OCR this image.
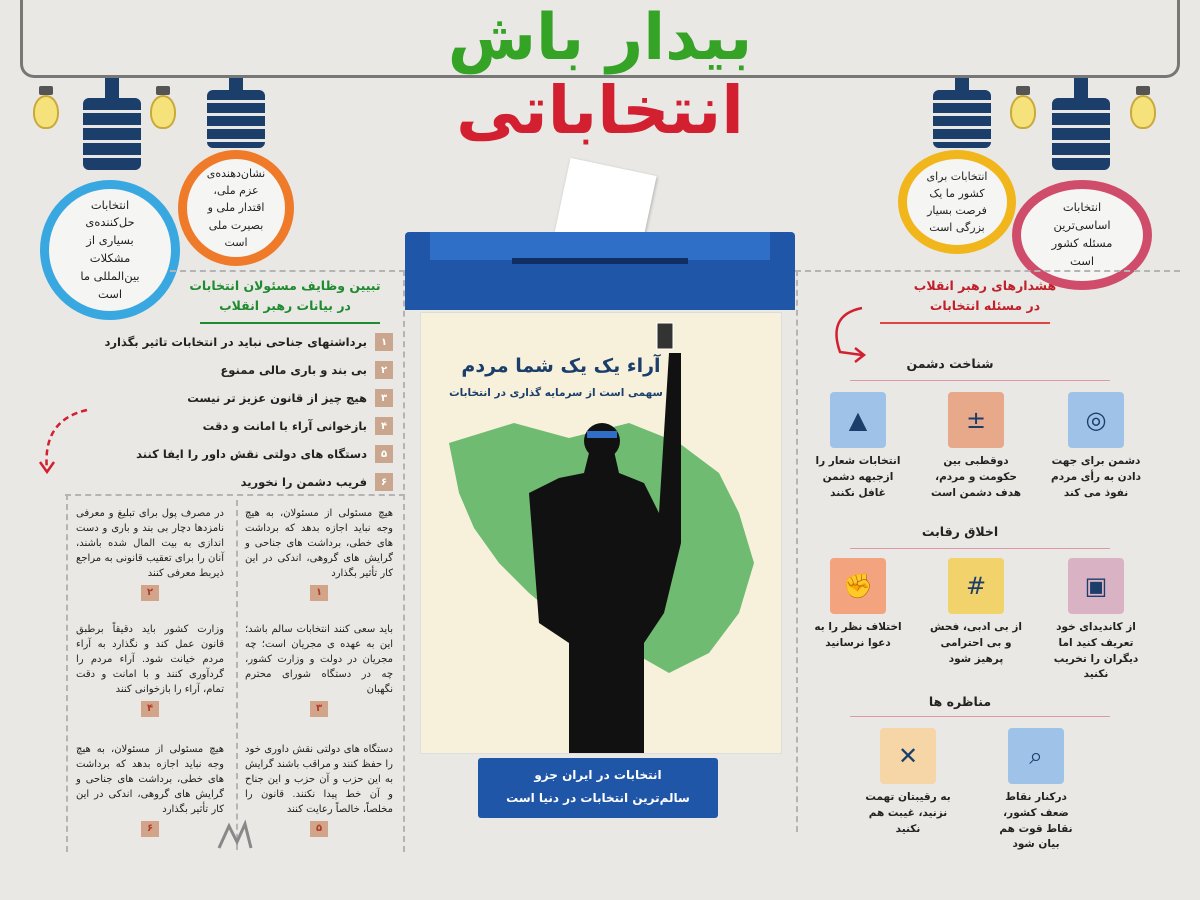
بیدار باش
انتخاباتی
انتخابات حل‌کننده‌ی بسیاری از مشکلات بین‌المللی ما است
نشان‌دهنده‌ی عزم ملی، اقتدار ملی و بصیرت ملی است
انتخابات برای کشور ما یک فرصت بسیار بزرگی است
انتخابات اساسی‌ترین مسئله کشور است
آراء یک یک شما مردم
سهمی است از سرمایه گذاری در انتخابات
انتخابات در ایران جزو
سالم‌ترین انتخابات در دنیا است
تبیین وظایف مسئولان انتخابات
در بیانات رهبر انقلاب
۱
برداشتهای جناحی نباید در انتخابات تاثیر بگذارد
۲
بی بند و باری مالی ممنوع
۳
هیچ چیز از قانون عزیز تر نیست
۴
بازخوانی آراء با امانت و دقت
۵
دستگاه های دولتی نقش داور را ایفا کنند
۶
فریب دشمن را نخورید
هیچ مسئولی از مسئولان، به هیچ وجه نباید اجازه بدهد که برداشت های خطی، برداشت های جناحی و گرایش های گروهی، اندکی در این کار تأثیر بگذارد
۱
در مصرف پول برای تبلیغ و معرفی نامزدها دچار بی بند و باری و دست اندازی به بیت المال شده باشند، آنان را برای تعقیب قانونی به مراجع ذیربط معرفی کنند
۲
باید سعی کنند انتخابات سالم باشد؛ این به عهده ی مجریان است؛ چه مجریان در دولت و وزارت کشور، چه در دستگاه شورای محترم نگهبان
۳
وزارت کشور باید دقیقاً برطبق قانون عمل کند و نگذارد به آراء مردم خیانت شود. آراء مردم را گردآوری کنند و با امانت و دقت تمام، آراء را بازخوانی کنند
۴
دستگاه های دولتی نقش داوری خود را حفظ کنند و مراقب باشند گرایش به این حزب و آن حزب و این جناح و آن خط پیدا نکنند. قانون را مخلصاً، خالصاً رعایت کنند
۵
هیچ مسئولی از مسئولان، به هیچ وجه نباید اجازه بدهد که برداشت های خطی، برداشت های جناحی و گرایش های گروهی، اندکی در این کار تأثیر بگذارد
۶
هشدارهای رهبر انقلاب
در مسئله انتخابات
شناخت دشمن
◎
دشمن برای جهت دادن به رأی مردم نفوذ می کند
±
دوقطبی بین حکومت و مردم، هدف دشمن است
▲
انتخابات شعار را ازجبهه دشمن غافل نکنند
اخلاق رقابت
▣
از کاندیدای خود تعریف کنید اما دیگران را تخریب نکنید
#
از بی ادبی، فحش و بی احترامی پرهیز شود
✊
اختلاف نظر را به دعوا نرسانید
مناظره ها
⌕
درکنار نقاط ضعف کشور، نقاط قوت هم بیان شود
✕
به رقیبتان تهمت نزنید، غیبت هم نکنید
